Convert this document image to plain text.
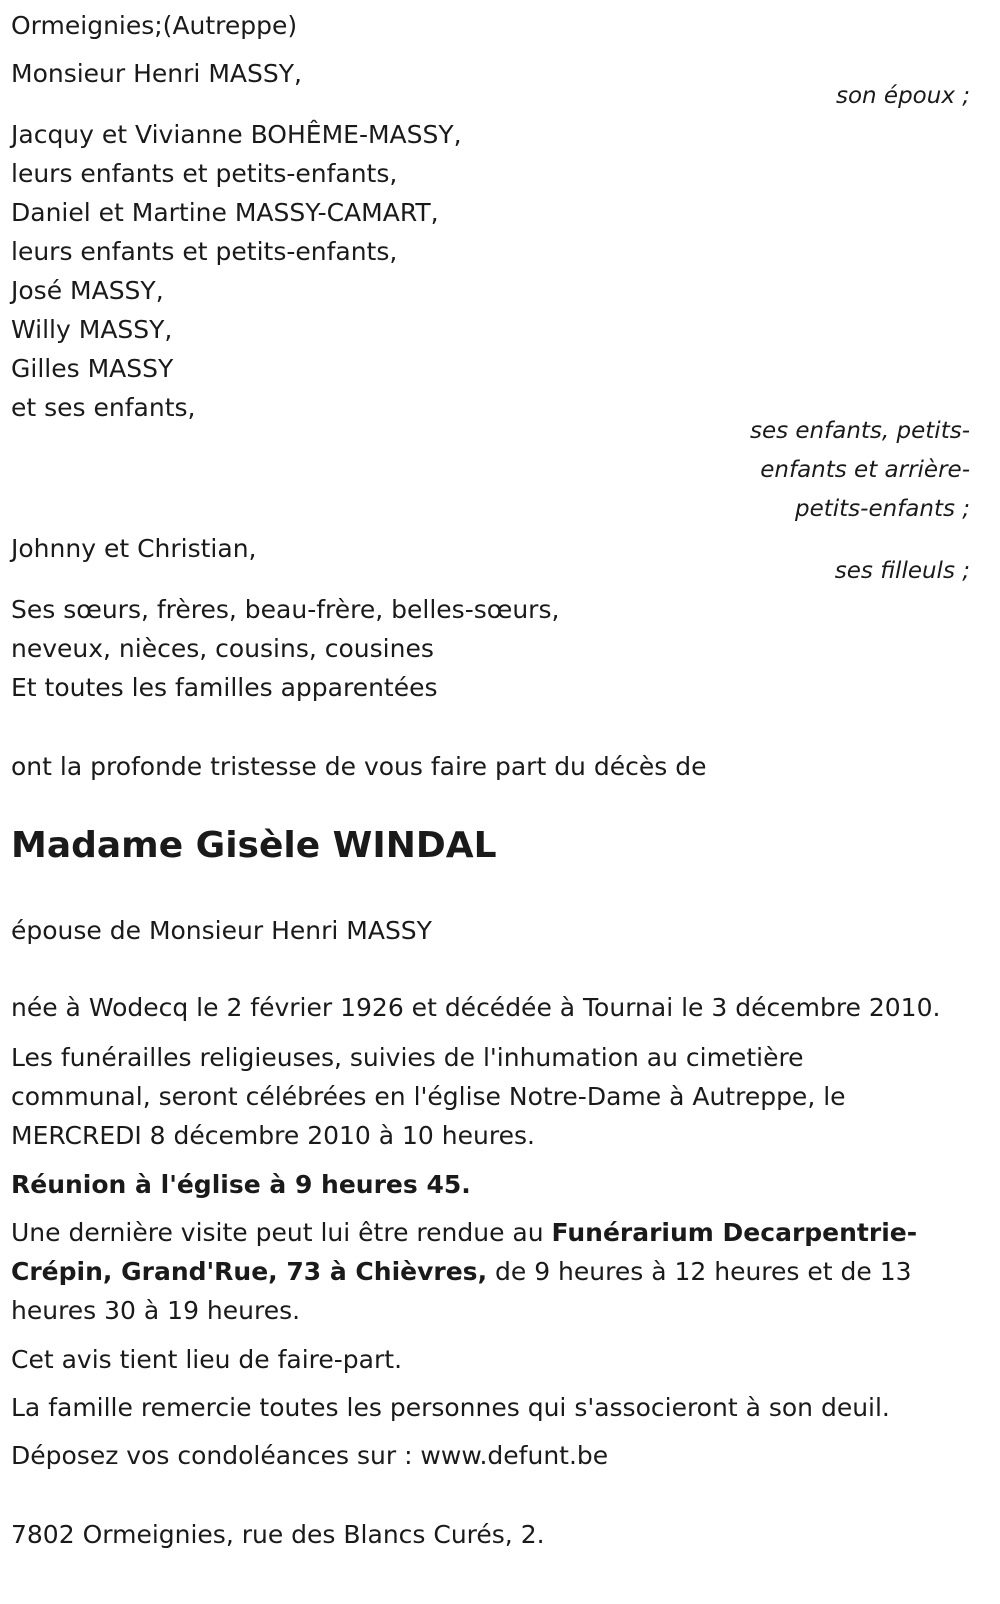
Ormeignies;(Autreppe)
Monsieur Henri MASSY,
son époux ;
Jacquy et Vivianne BOHÊME-MASSY,
leurs enfants et petits-enfants,
Daniel et Martine MASSY-CAMART,
leurs enfants et petits-enfants,
José MASSY,
Willy MASSY,
Gilles MASSY
et ses enfants,
ses enfants, petits-
enfants et arrière-
petits-enfants ;
Johnny et Christian,
ses filleuls ;
Ses sœurs, frères, beau-frère, belles-sœurs,
neveux, nièces, cousins, cousines
Et toutes les familles apparentées
ont la profonde tristesse de vous faire part du décès de
Madame Gisèle WINDAL
épouse de Monsieur Henri MASSY
née à Wodecq le 2 février 1926 et décédée à Tournai le 3 décembre 2010.
Les funérailles religieuses, suivies de l'inhumation au cimetière
communal, seront célébrées en l'église Notre-Dame à Autreppe, le
MERCREDI 8 décembre 2010 à 10 heures.
Réunion à l'église à 9 heures 45.
Une dernière visite peut lui être rendue au Funérarium Decarpentrie-
Crépin, Grand'Rue, 73 à Chièvres, de 9 heures à 12 heures et de 13
heures 30 à 19 heures.
Cet avis tient lieu de faire-part.
La famille remercie toutes les personnes qui s'associeront à son deuil.
Déposez vos condoléances sur : www.defunt.be
7802 Ormeignies, rue des Blancs Curés, 2.
